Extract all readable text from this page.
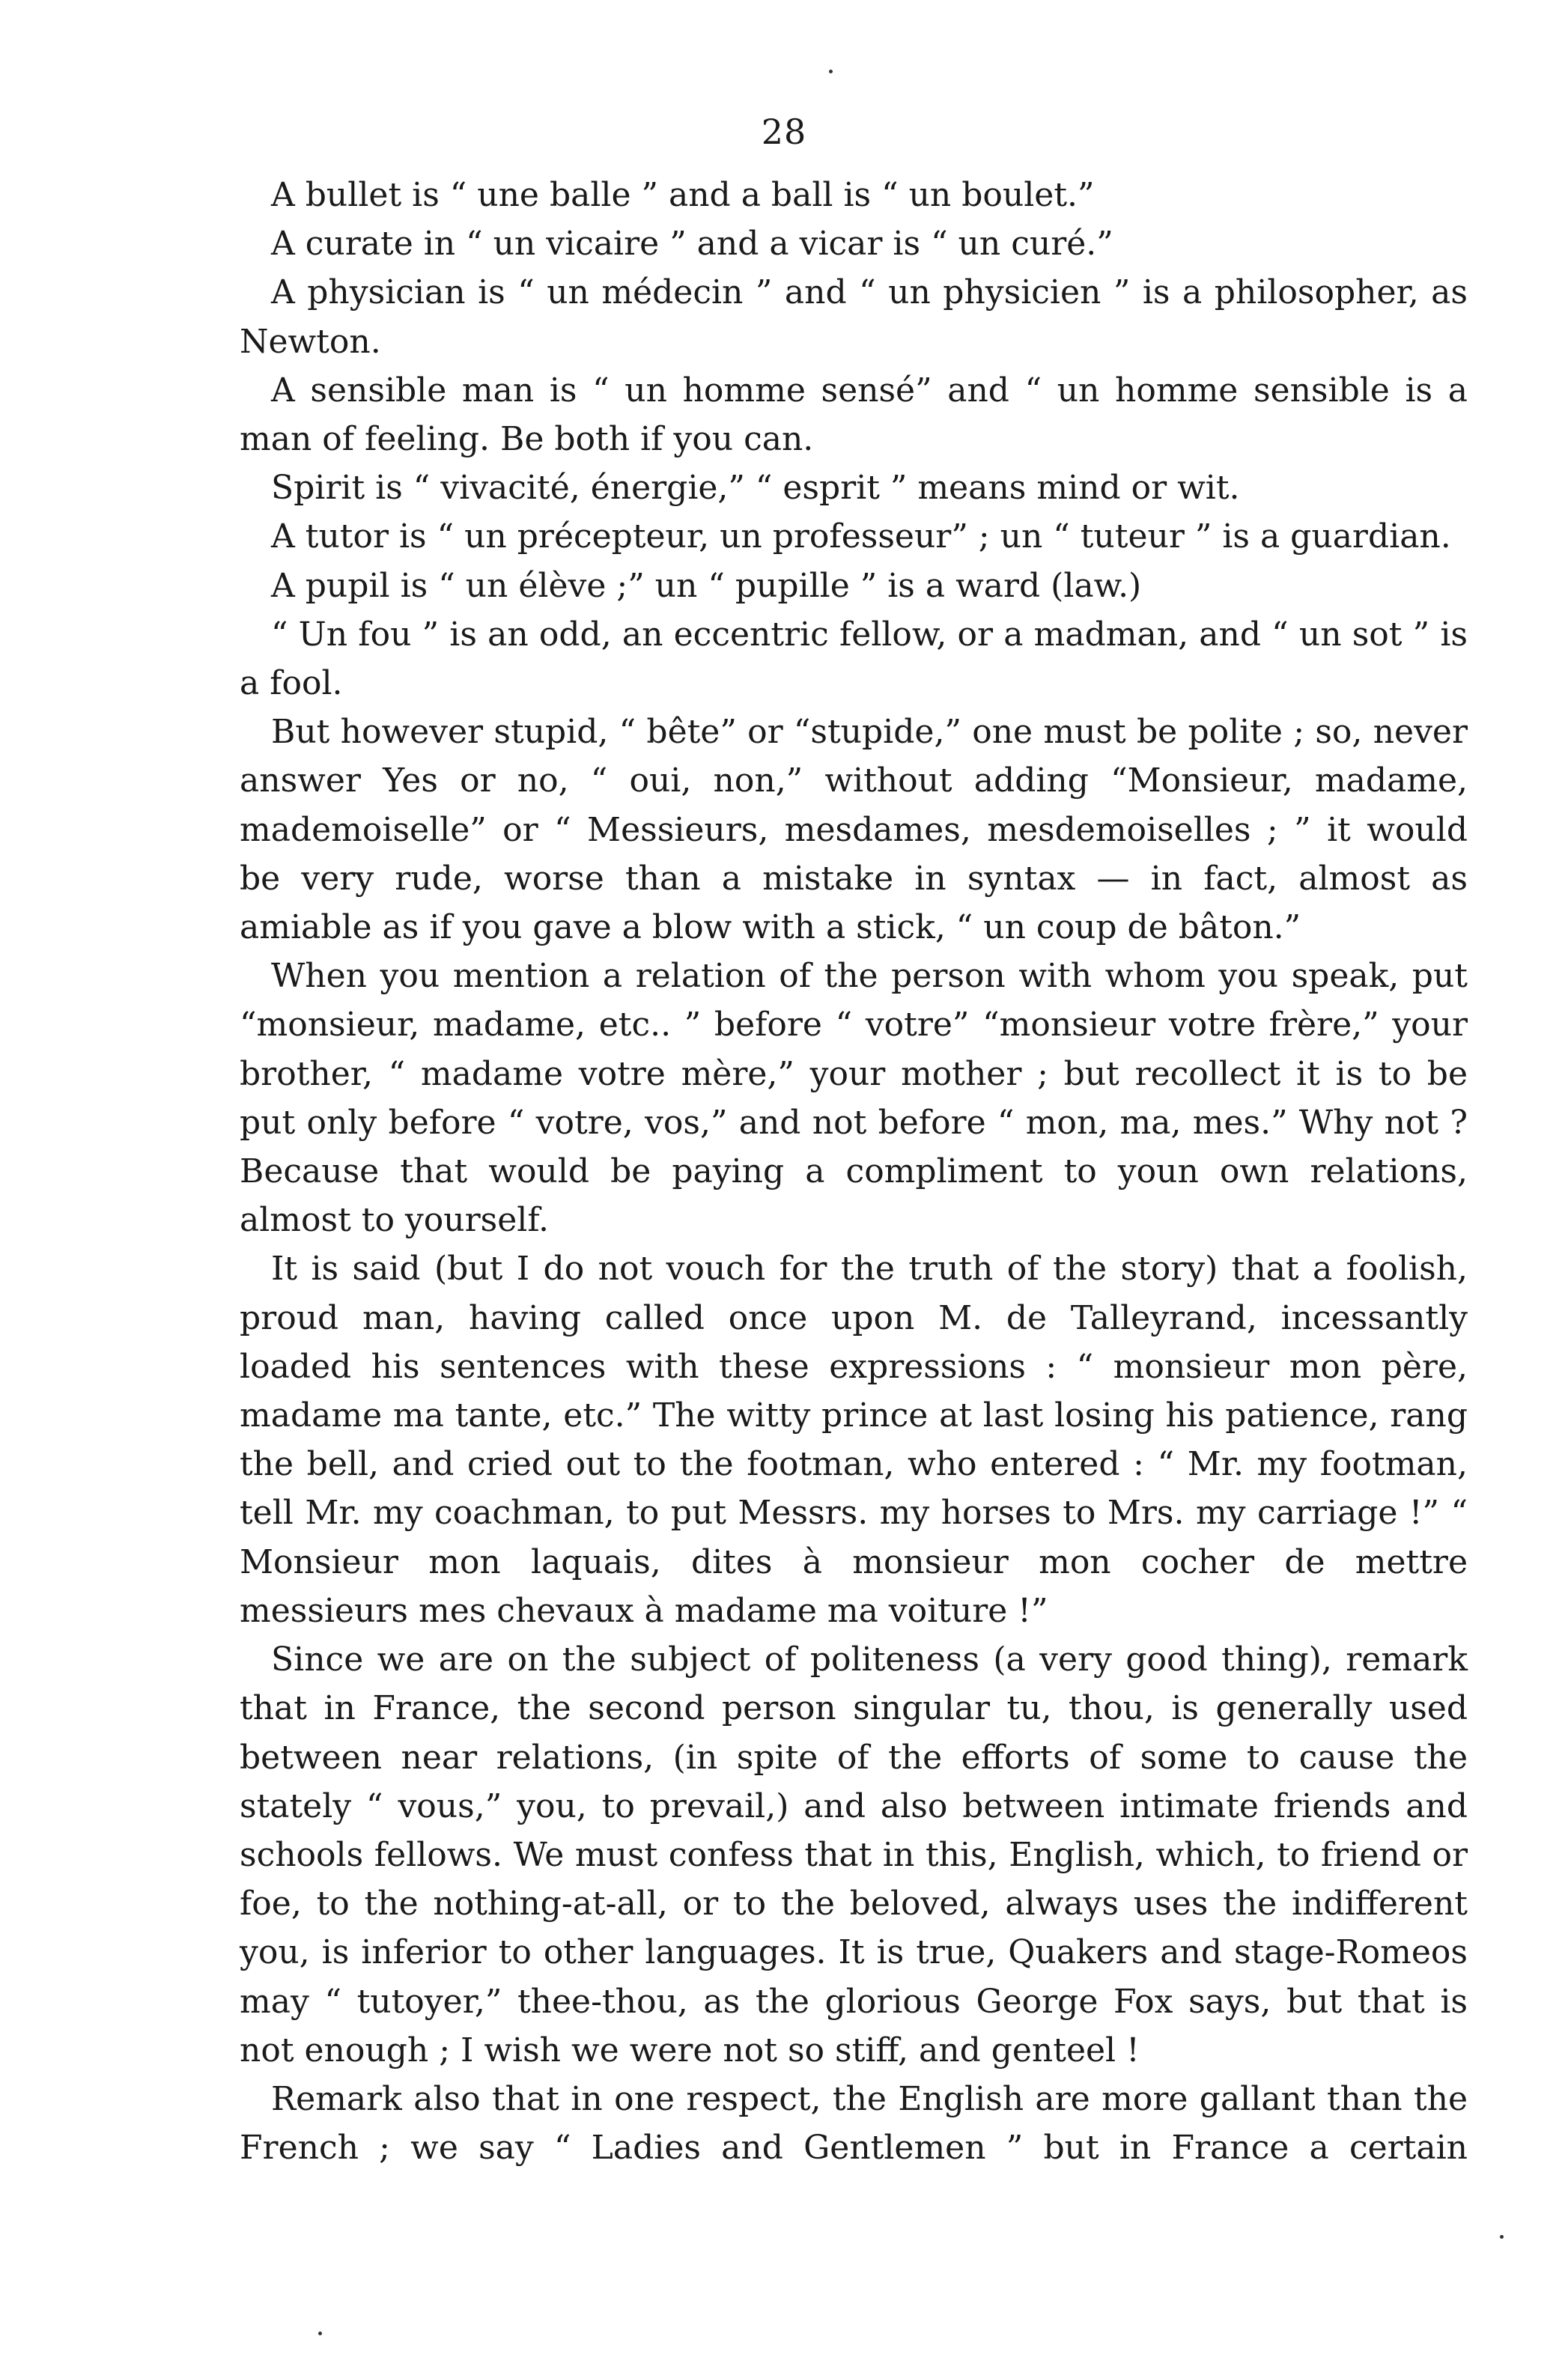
28

A bullet is “ une balle ” and a ball is “ un boulet.”

A curate in “ un vicaire ” and a vicar is “ un curé.”

A physician is “ un médecin ” and “ un physicien ” is a philosopher, as Newton.

A sensible man is “ un homme sensé” and “ un homme sensible is a man of feeling. Be both if you can.

Spirit is “ vivacité, énergie,” “ esprit ” means mind or wit.

A tutor is “ un précepteur, un professeur” ; un “ tuteur ” is a guardian.

A pupil is “ un élève ;” un “ pupille ” is a ward (law.)

“ Un fou ” is an odd, an eccentric fellow, or a madman, and “ un sot ” is a fool.

But however stupid, “ bête” or “stupide,” one must be polite ; so, never answer Yes or no, “ oui, non,” without adding “Monsieur, madame, mademoiselle” or “ Messieurs, mesdames, mesdemoiselles ; ” it would be very rude, worse than a mistake in syntax — in fact, almost as amiable as if you gave a blow with a stick, “ un coup de bâton.”

When you mention a relation of the person with whom you speak, put “monsieur, madame, etc.. ” before “ votre” “monsieur votre frère,” your brother, “ madame votre mère,” your mother ; but recollect it is to be put only before “ votre, vos,” and not before “ mon, ma, mes.” Why not ? Because that would be paying a compliment to youn own relations, almost to yourself.

It is said (but I do not vouch for the truth of the story) that a foolish, proud man, having called once upon M. de Talleyrand, incessantly loaded his sentences with these expressions : “ monsieur mon père, madame ma tante, etc.” The witty prince at last losing his patience, rang the bell, and cried out to the footman, who entered : “ Mr. my footman, tell Mr. my coachman, to put Messrs. my horses to Mrs. my carriage !” “ Monsieur mon laquais, dites à monsieur mon cocher de mettre messieurs mes chevaux à madame ma voiture !”

Since we are on the subject of politeness (a very good thing), remark that in France, the second person singular tu, thou, is generally used between near relations, (in spite of the efforts of some to cause the stately “ vous,” you, to prevail,) and also between intimate friends and schools fellows. We must confess that in this, English, which, to friend or foe, to the nothing-at-all, or to the beloved, always uses the indifferent you, is inferior to other languages. It is true, Quakers and stage-Romeos may “ tutoyer,” thee-thou, as the glorious George Fox says, but that is not enough ; I wish we were not so stiff, and genteel !

Remark also that in one respect, the English are more gallant than the French ; we say “ Ladies and Gentlemen ” but in France a certain
